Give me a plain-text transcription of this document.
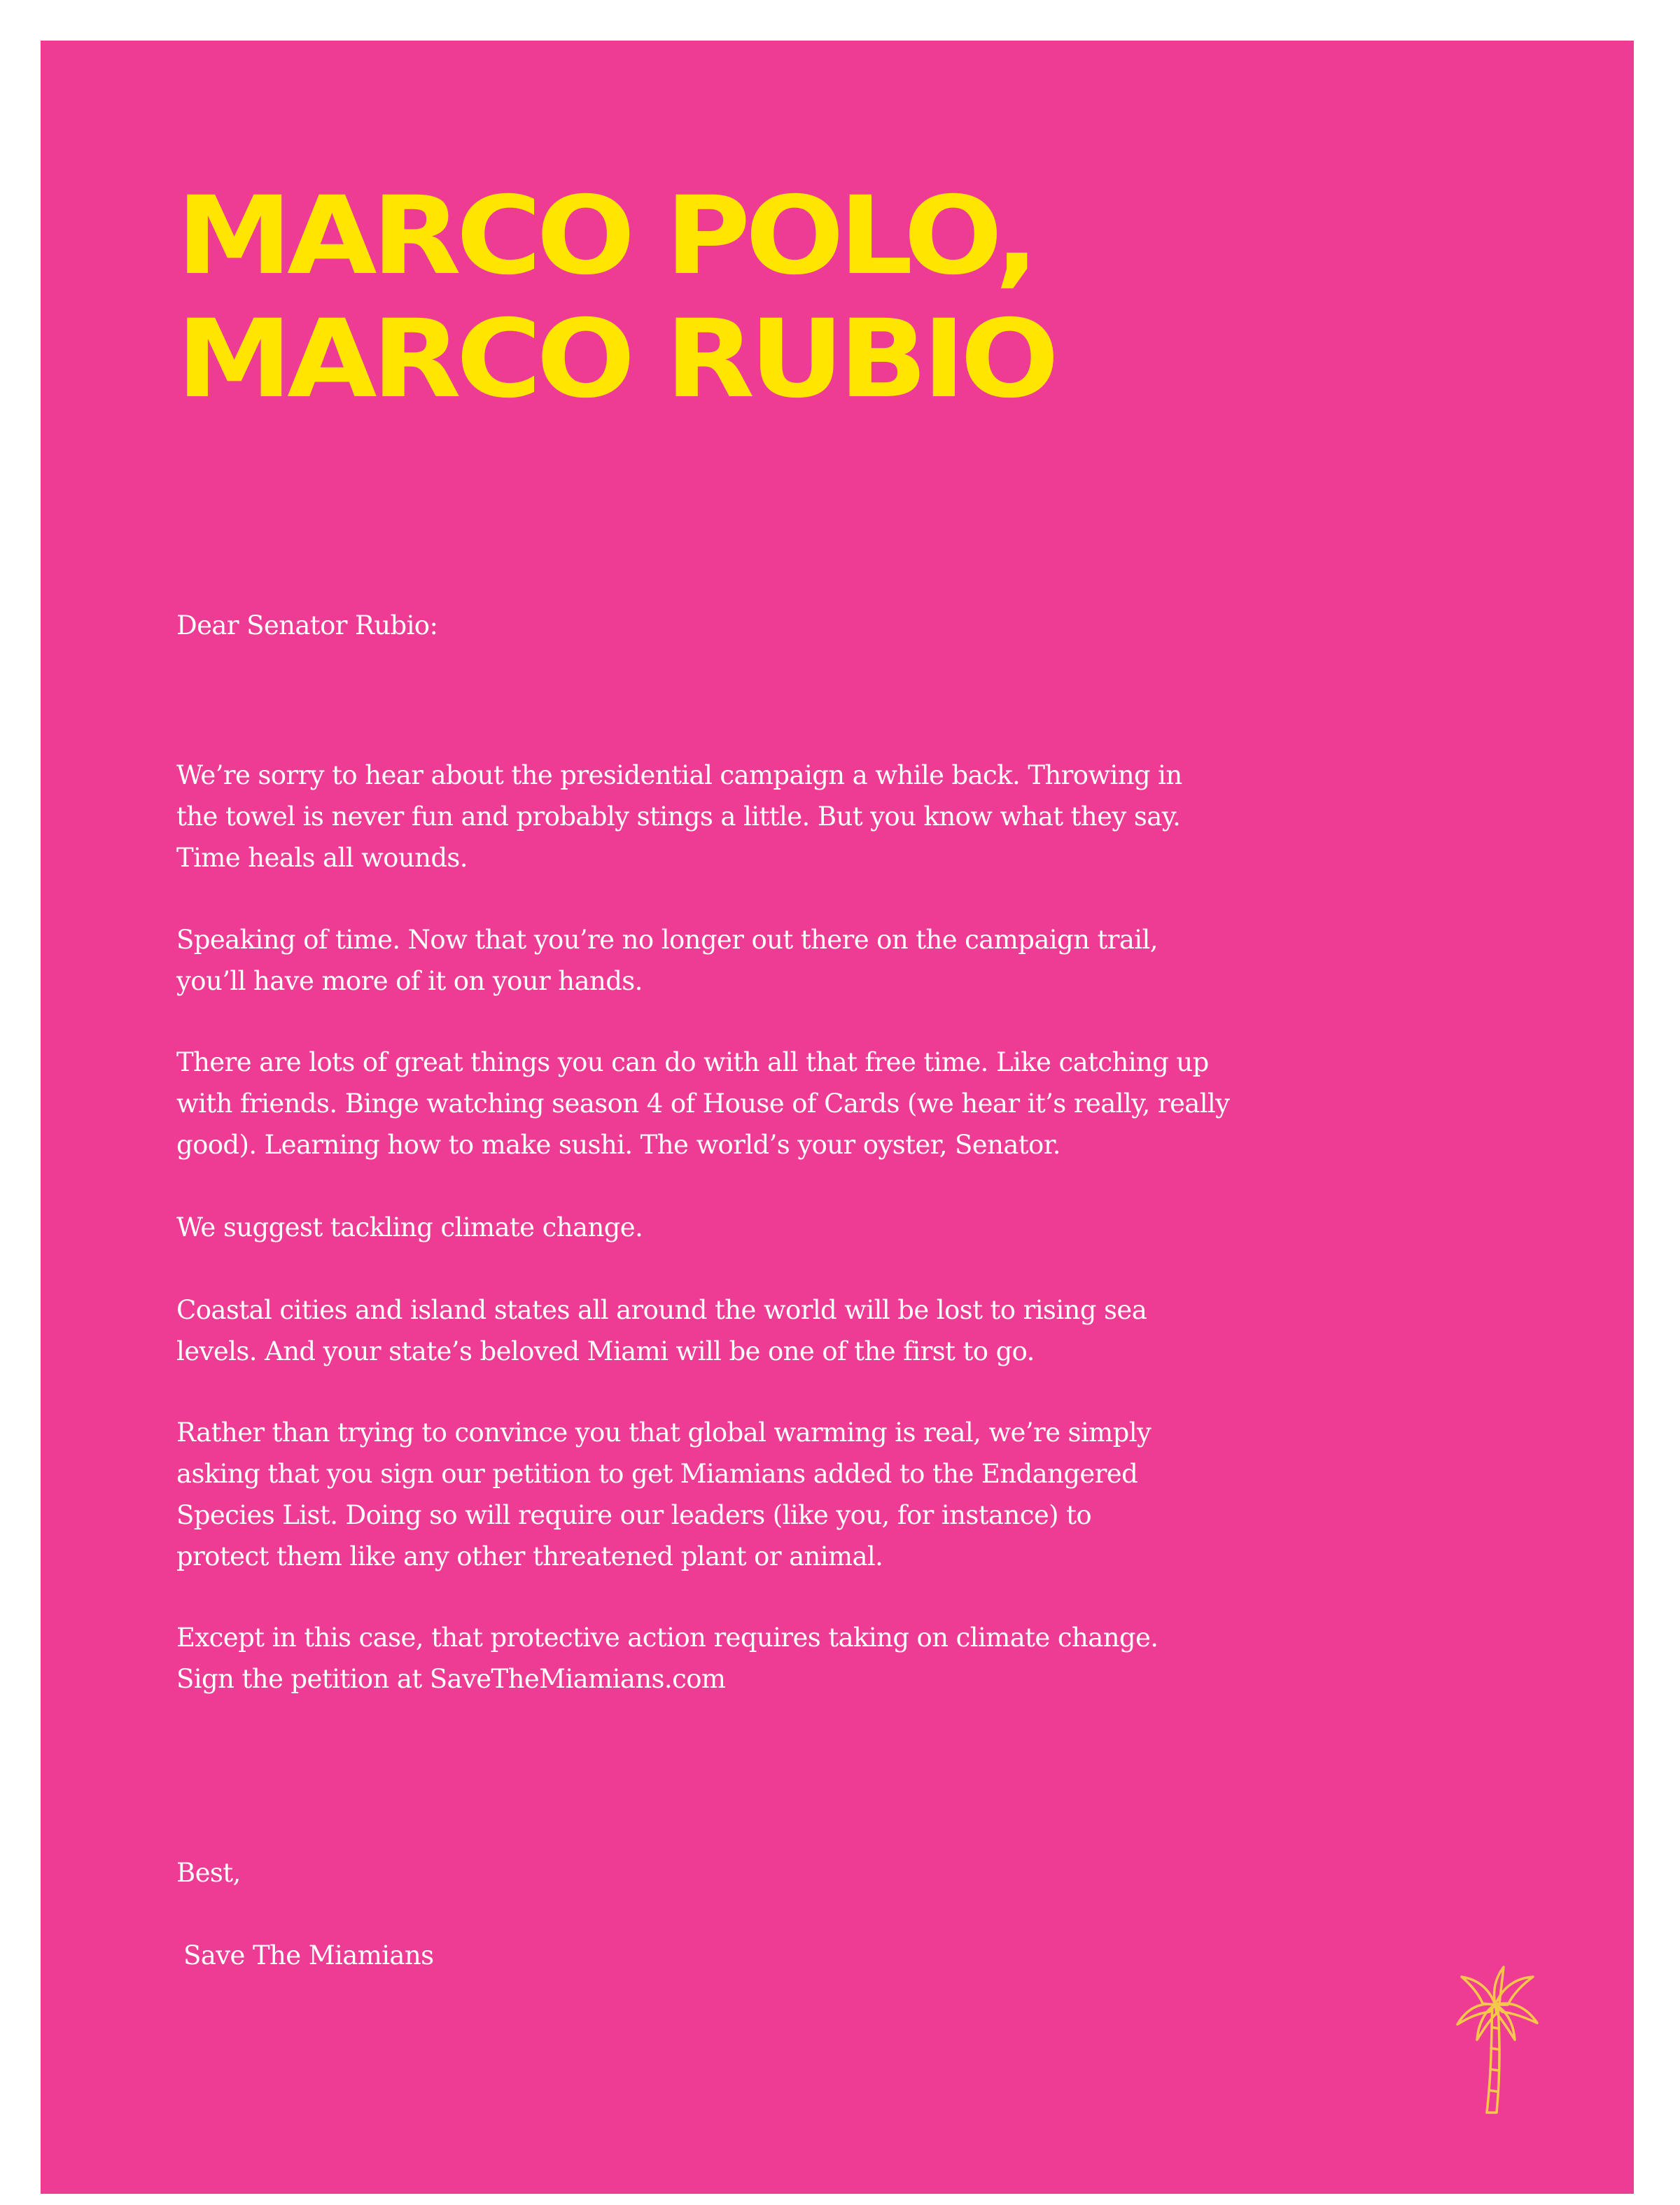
MARCO POLO,
MARCO RUBIO

Dear Senator Rubio:

We’re sorry to hear about the presidential campaign a while back. Throwing in
the towel is never fun and probably stings a little. But you know what they say.
Time heals all wounds.

Speaking of time. Now that you’re no longer out there on the campaign trail,
you’ll have more of it on your hands.

There are lots of great things you can do with all that free time. Like catching up
with friends. Binge watching season 4 of House of Cards (we hear it’s really, really
good). Learning how to make sushi. The world’s your oyster, Senator.

We suggest tackling climate change.

Coastal cities and island states all around the world will be lost to rising sea
levels. And your state’s beloved Miami will be one of the first to go.

Rather than trying to convince you that global warming is real, we’re simply
asking that you sign our petition to get Miamians added to the Endangered
Species List. Doing so will require our leaders (like you, for instance) to
protect them like any other threatened plant or animal.

Except in this case, that protective action requires taking on climate change.
Sign the petition at SaveTheMiamians.com

Best,

Save The Miamians
